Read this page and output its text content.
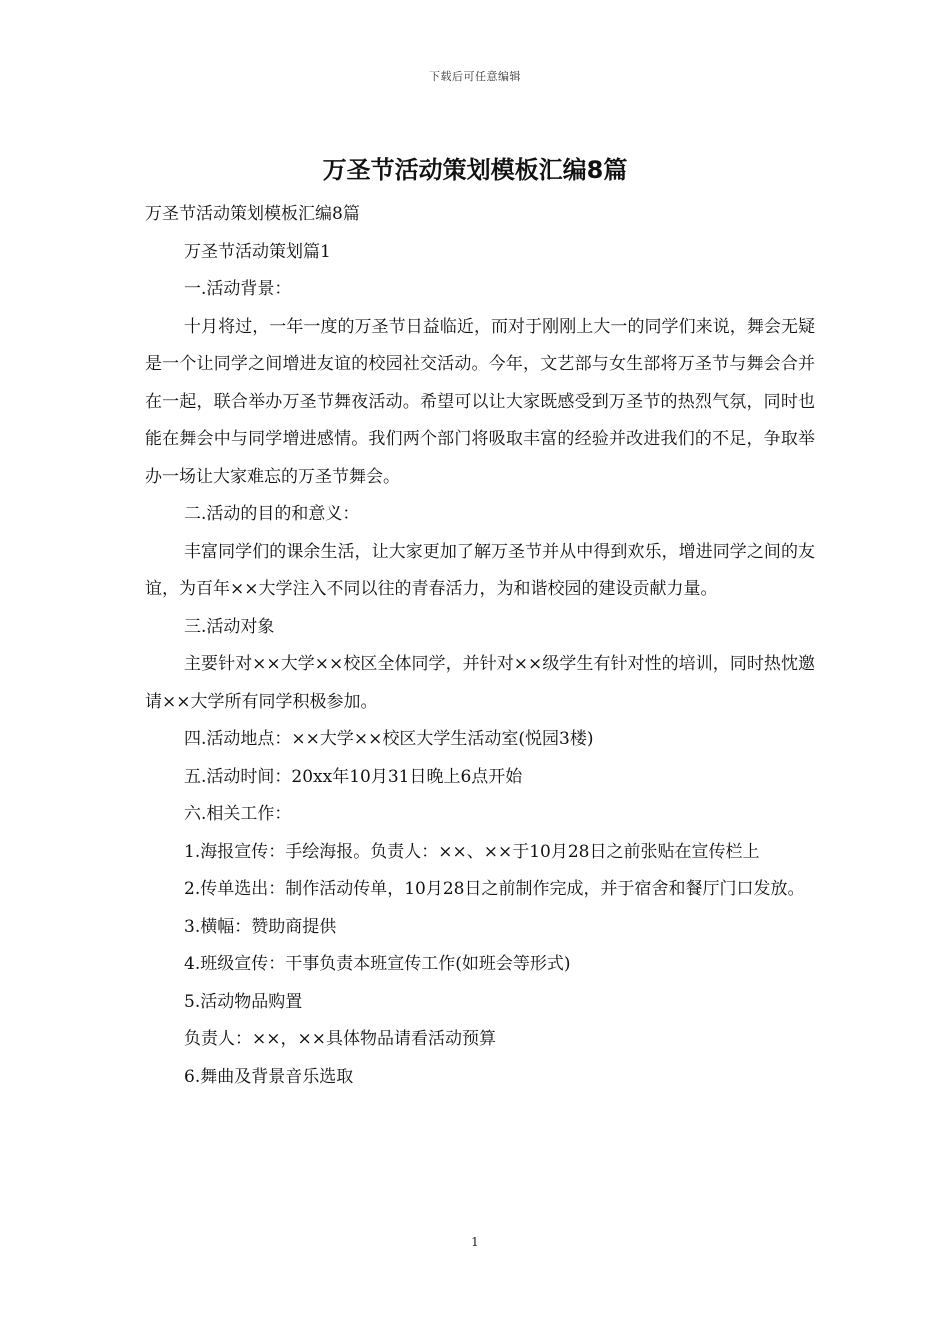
下载后可任意编辑
万圣节活动策划模板汇编8篇

万圣节活动策划模板汇编8篇

万圣节活动策划篇1

一.活动背景：

十月将过，一年一度的万圣节日益临近，而对于刚刚上大一的同学们来说，舞会无疑是一个让同学之间增进友谊的校园社交活动。今年，文艺部与女生部将万圣节与舞会合并在一起，联合举办万圣节舞夜活动。希望可以让大家既感受到万圣节的热烈气氛，同时也能在舞会中与同学增进感情。我们两个部门将吸取丰富的经验并改进我们的不足，争取举办一场让大家难忘的万圣节舞会。

二.活动的目的和意义：

丰富同学们的课余生活，让大家更加了解万圣节并从中得到欢乐，增进同学之间的友谊，为百年××大学注入不同以往的青春活力，为和谐校园的建设贡献力量。

三.活动对象

主要针对××大学××校区全体同学，并针对××级学生有针对性的培训，同时热忱邀请××大学所有同学积极参加。

四.活动地点：××大学××校区大学生活动室(悦园3楼)

五.活动时间：20xx年10月31日晚上6点开始

六.相关工作：

1.海报宣传：手绘海报。负责人：××、××于10月28日之前张贴在宣传栏上

2.传单选出：制作活动传单，10月28日之前制作完成，并于宿舍和餐厅门口发放。

3.横幅：赞助商提供

4.班级宣传：干事负责本班宣传工作(如班会等形式)

5.活动物品购置

负责人：××，××具体物品请看活动预算

6.舞曲及背景音乐选取

1
